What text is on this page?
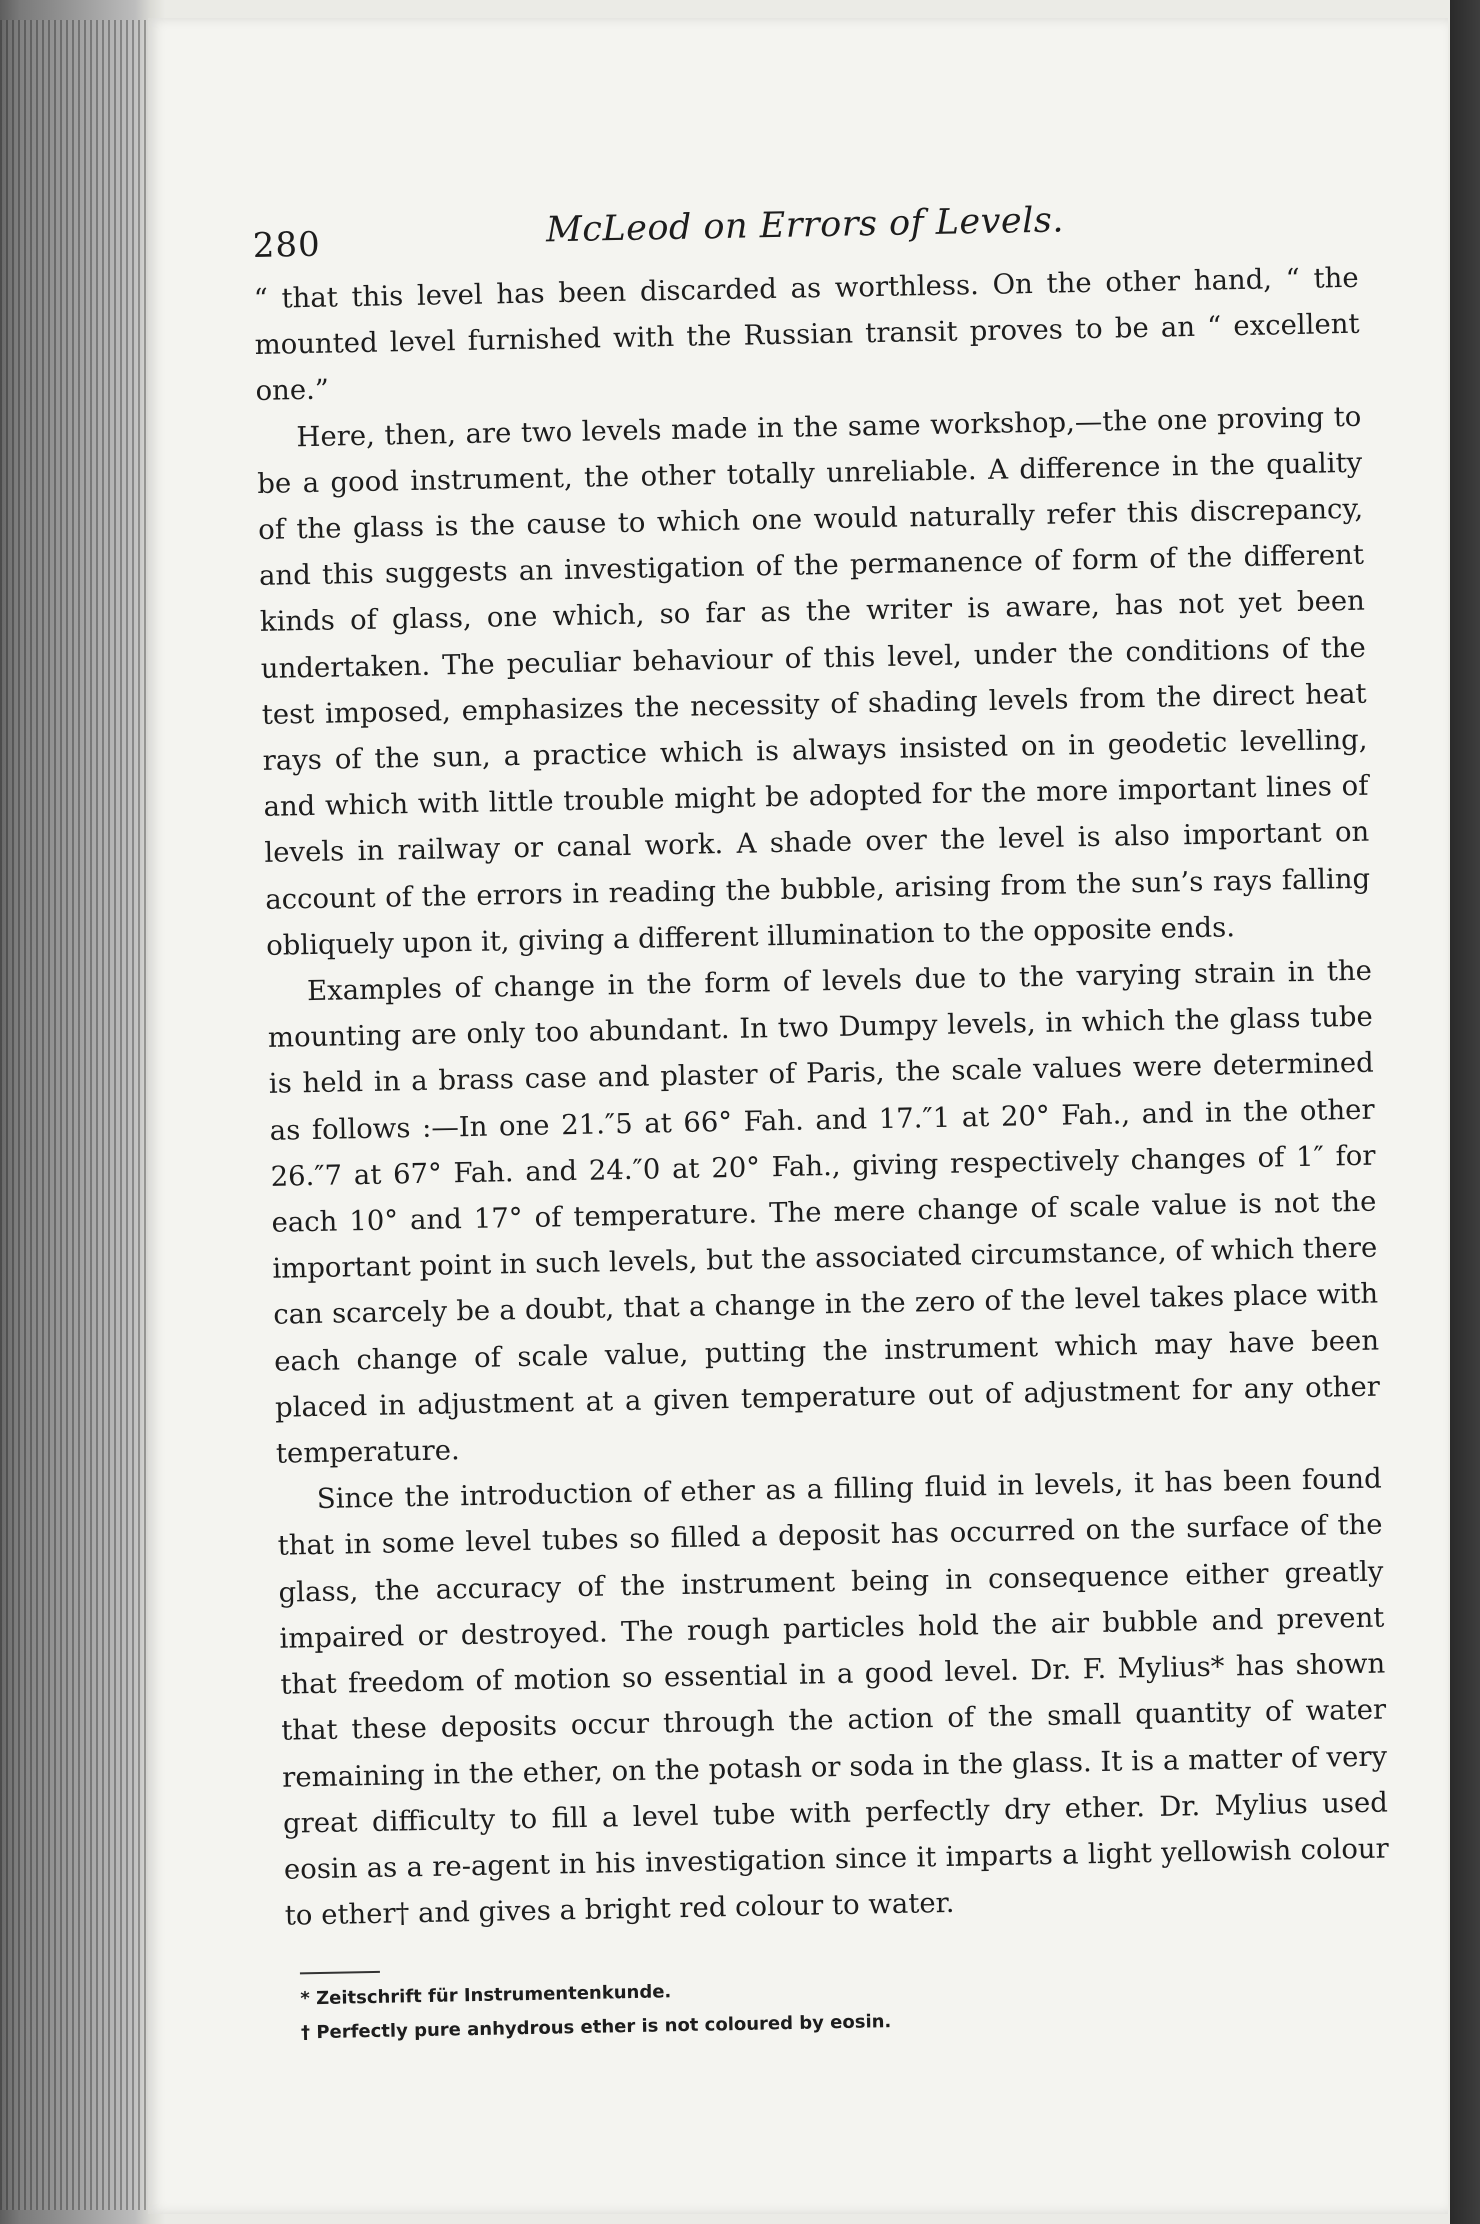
280	McLeod on Errors of Levels.

“ that this level has been discarded as worthless. On the other hand, “ the mounted level furnished with the Russian transit proves to be an “ excellent one.”

Here, then, are two levels made in the same workshop,—the one proving to be a good instrument, the other totally unreliable. A difference in the quality of the glass is the cause to which one would naturally refer this discrepancy, and this suggests an investigation of the permanence of form of the different kinds of glass, one which, so far as the writer is aware, has not yet been undertaken. The peculiar behaviour of this level, under the conditions of the test imposed, emphasizes the necessity of shading levels from the direct heat rays of the sun, a practice which is always insisted on in geodetic levelling, and which with little trouble might be adopted for the more important lines of levels in railway or canal work. A shade over the level is also important on account of the errors in reading the bubble, arising from the sun’s rays falling obliquely upon it, giving a different illumination to the opposite ends.

Examples of change in the form of levels due to the varying strain in the mounting are only too abundant. In two Dumpy levels, in which the glass tube is held in a brass case and plaster of Paris, the scale values were determined as follows :—In one 21.″5 at 66° Fah. and 17.″1 at 20° Fah., and in the other 26.″7 at 67° Fah. and 24.″0 at 20° Fah., giving respectively changes of 1″ for each 10° and 17° of temperature. The mere change of scale value is not the important point in such levels, but the associated circumstance, of which there can scarcely be a doubt, that a change in the zero of the level takes place with each change of scale value, putting the instrument which may have been placed in adjustment at a given temperature out of adjustment for any other temperature.

Since the introduction of ether as a filling fluid in levels, it has been found that in some level tubes so filled a deposit has occurred on the surface of the glass, the accuracy of the instrument being in consequence either greatly impaired or destroyed. The rough particles hold the air bubble and prevent that freedom of motion so essential in a good level. Dr. F. Mylius* has shown that these deposits occur through the action of the small quantity of water remaining in the ether, on the potash or soda in the glass. It is a matter of very great difficulty to fill a level tube with perfectly dry ether. Dr. Mylius used eosin as a re-agent in his investigation since it imparts a light yellowish colour to ether† and gives a bright red colour to water.

* Zeitschrift für Instrumentenkunde.

† Perfectly pure anhydrous ether is not coloured by eosin.
